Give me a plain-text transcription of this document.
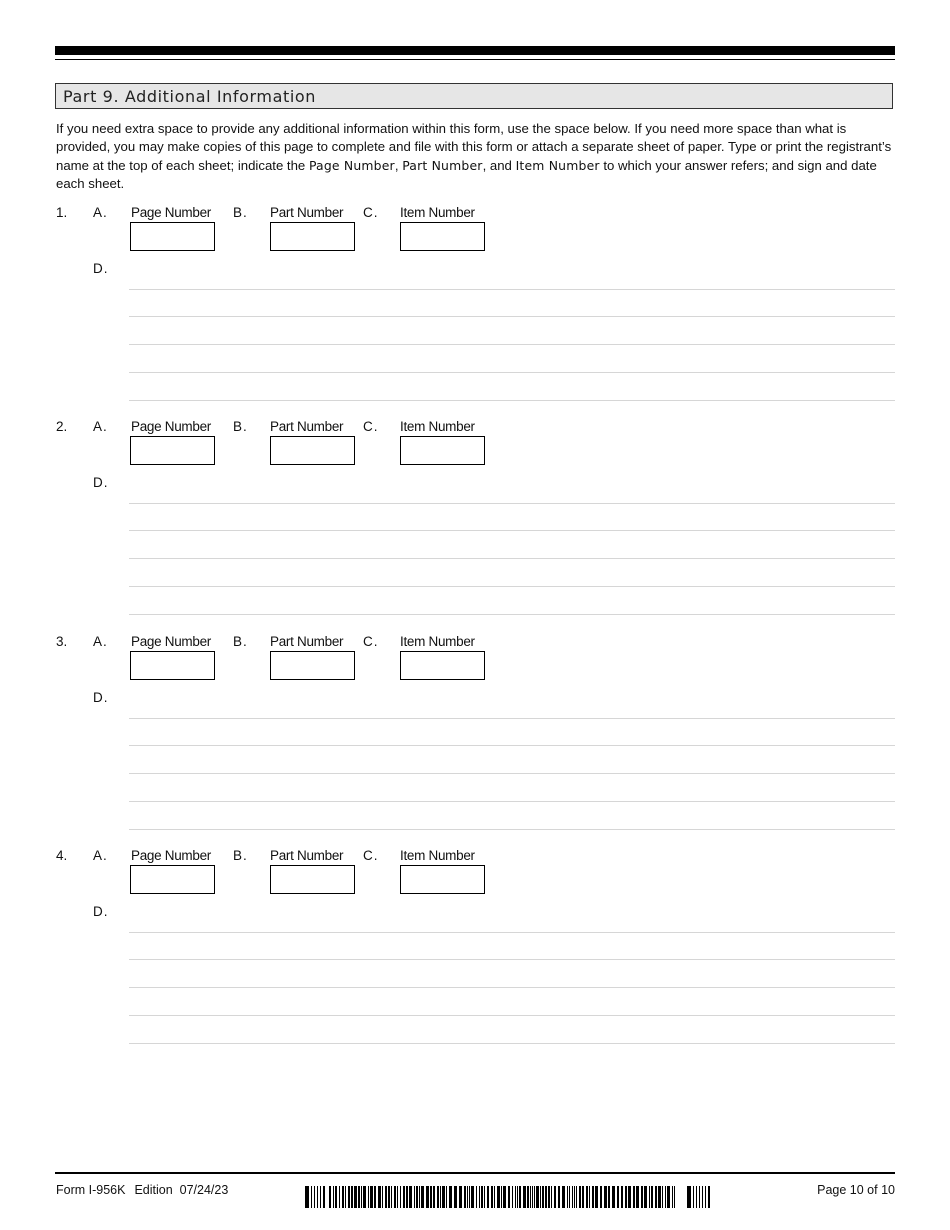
Part 9. Additional Information
If you need extra space to provide any additional information within this form, use the space below. If you need more space than what is provided, you may make copies of this page to complete and file with this form or attach a separate sheet of paper. Type or print the registrant’s name at the top of each sheet; indicate the Page Number, Part Number, and Item Number to which your answer refers; and sign and date each sheet.
1. A. Page Number B. Part Number C. Item Number
D.
2. A. Page Number B. Part Number C. Item Number
D.
3. A. Page Number B. Part Number C. Item Number
D.
4. A. Page Number B. Part Number C. Item Number
D.
Form I-956K Edition 07/24/23	Page 10 of 10
